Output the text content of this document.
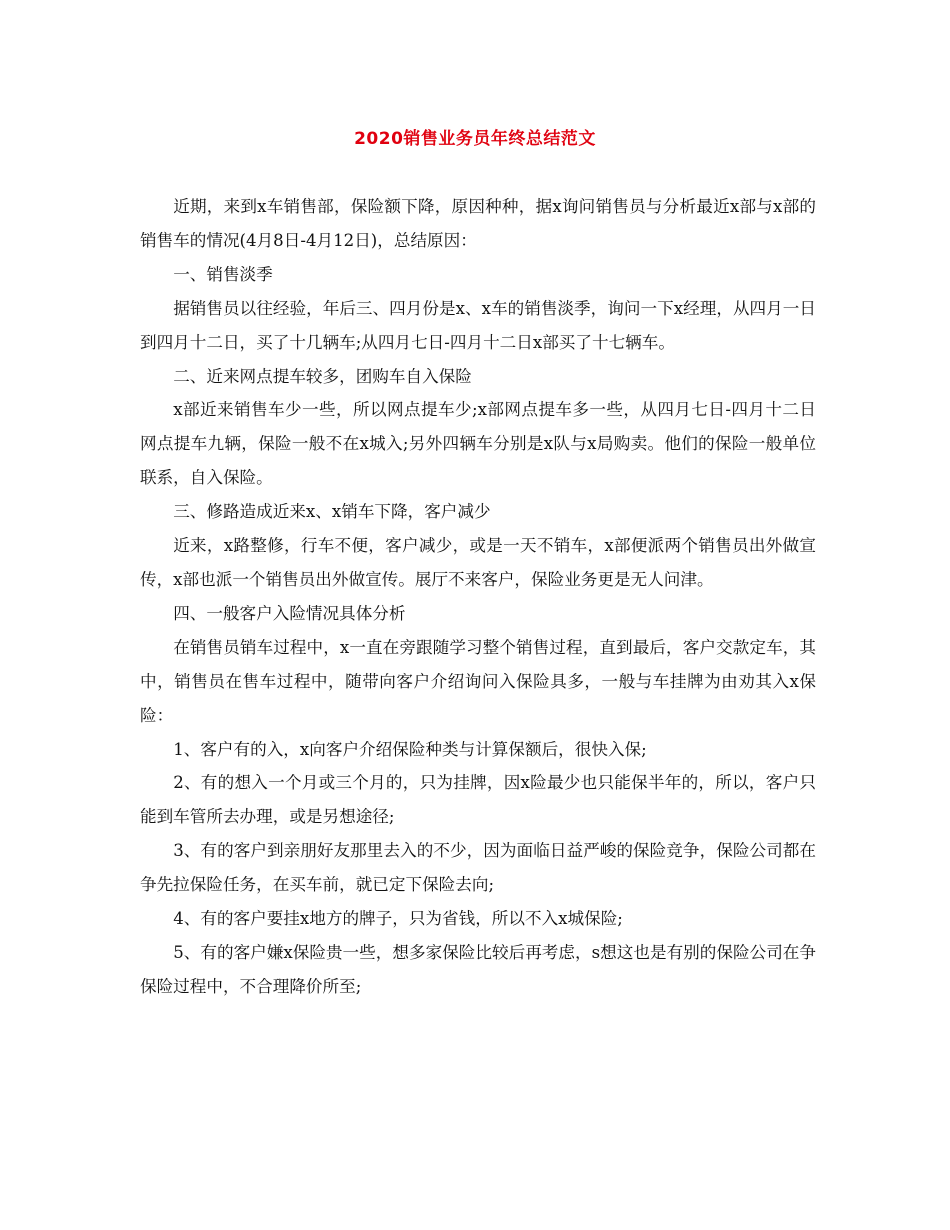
2020销售业务员年终总结范文

近期，来到x车销售部，保险额下降，原因种种，据x询问销售员与分析最近x部与x部的销售车的情况(4月8日-4月12日)，总结原因：

一、销售淡季

据销售员以往经验，年后三、四月份是x、x车的销售淡季，询问一下x经理，从四月一日到四月十二日，买了十几辆车;从四月七日-四月十二日x部买了十七辆车。

二、近来网点提车较多，团购车自入保险

x部近来销售车少一些，所以网点提车少;x部网点提车多一些，从四月七日-四月十二日网点提车九辆，保险一般不在x城入;另外四辆车分别是x队与x局购卖。他们的保险一般单位联系，自入保险。

三、修路造成近来x、x销车下降，客户减少

近来，x路整修，行车不便，客户减少，或是一天不销车，x部便派两个销售员出外做宣传，x部也派一个销售员出外做宣传。展厅不来客户，保险业务更是无人问津。

四、一般客户入险情况具体分析

在销售员销车过程中，x一直在旁跟随学习整个销售过程，直到最后，客户交款定车，其中，销售员在售车过程中，随带向客户介绍询问入保险具多，一般与车挂牌为由劝其入x保险：

1、客户有的入，x向客户介绍保险种类与计算保额后，很快入保;

2、有的想入一个月或三个月的，只为挂牌，因x险最少也只能保半年的，所以，客户只能到车管所去办理，或是另想途径;

3、有的客户到亲朋好友那里去入的不少，因为面临日益严峻的保险竞争，保险公司都在争先拉保险任务，在买车前，就已定下保险去向;

4、有的客户要挂x地方的牌子，只为省钱，所以不入x城保险;

5、有的客户嫌x保险贵一些，想多家保险比较后再考虑，s想这也是有别的保险公司在争保险过程中，不合理降价所至;
